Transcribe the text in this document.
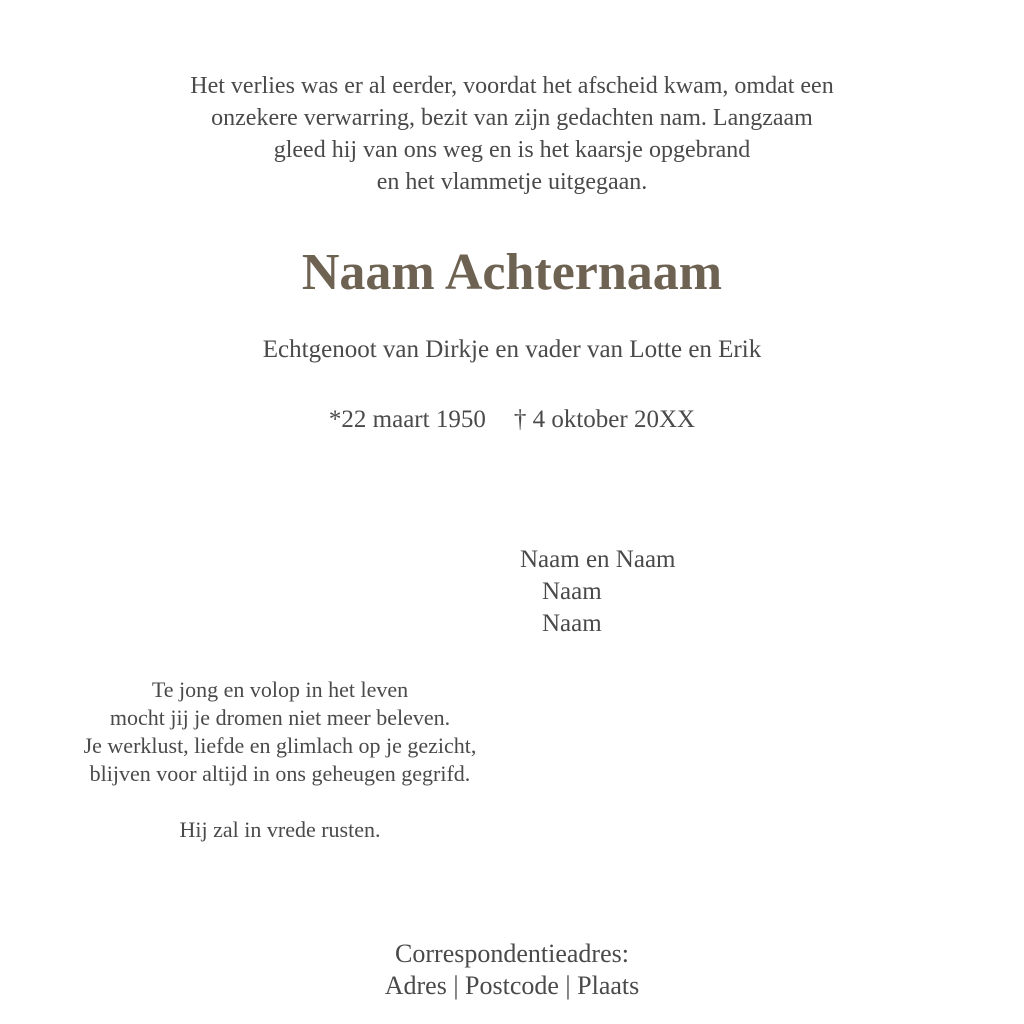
Het verlies was er al eerder, voordat het afscheid kwam, omdat een
onzekere verwarring, bezit van zijn gedachten nam. Langzaam
gleed hij van ons weg en is het kaarsje opgebrand
en het vlammetje uitgegaan.
Naam Achternaam
Echtgenoot van Dirkje en vader van Lotte en Erik
*22 maart 1950 † 4 oktober 20XX
Naam en Naam
Naam
Naam
Te jong en volop in het leven
mocht jij je dromen niet meer beleven.
Je werklust, liefde en glimlach op je gezicht,
blijven voor altijd in ons geheugen gegrifd.
Hij zal in vrede rusten.
Correspondentieadres:
Adres | Postcode | Plaats
